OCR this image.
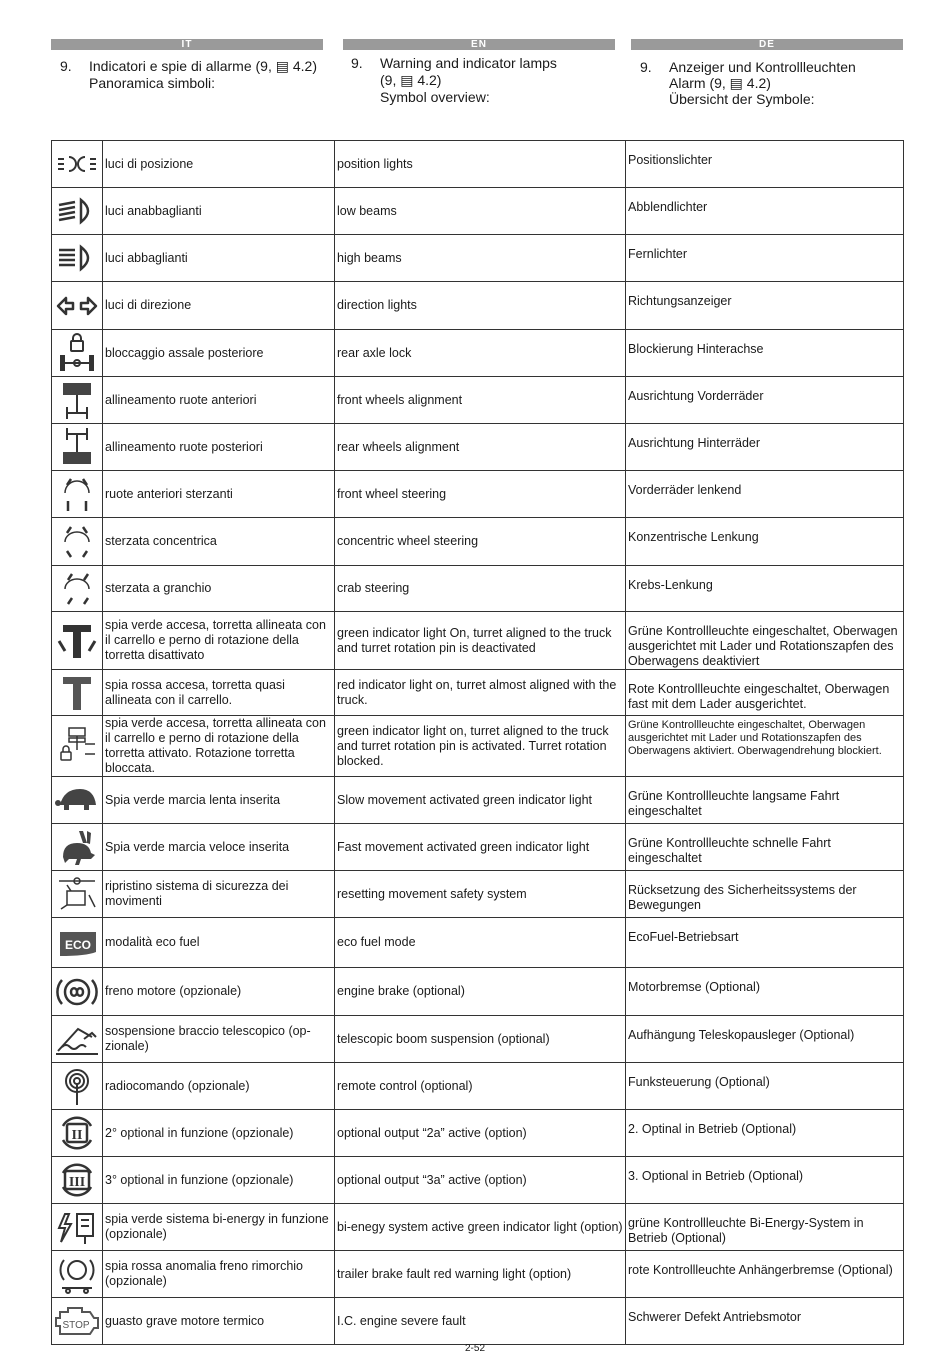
IT	EN	DE
9. Indicatori e spie di allarme (9, ▤ 4.2)
Panoramica simboli:
9. Warning and indicator lamps
(9, ▤ 4.2)
Symbol overview:
9. Anzeiger und Kontrollleuchten
Alarm (9, ▤ 4.2)
Übersicht der Symbole:
	luci di posizione	position lights	Positionslichter

	luci anabbaglianti	low beams	Abblendlichter

	luci abbaglianti	high beams	Fernlichter

	luci di direzione	direction lights	Richtungsanzeiger

	bloccaggio assale posteriore	rear axle lock	Blockierung Hinterachse

	allineamento ruote anteriori	front wheels alignment	Ausrichtung Vorderräder

	allineamento ruote posteriori	rear wheels alignment	Ausrichtung Hinterräder

	ruote anteriori sterzanti	front wheel steering	Vorderräder lenkend

	sterzata concentrica	concentric wheel steering	Konzentrische Lenkung

	sterzata a granchio	crab steering	Krebs-Lenkung

	spia verde accesa, torretta allineata con il carrello e perno di rotazione della torretta disattivato	green indicator light On, turret aligned to the truck and turret rotation pin is deactivated	Grüne Kontrollleuchte eingeschaltet, Oberwagen ausgerichtet mit Lader und Rotationszapfen des Oberwagens deaktiviert

	spia rossa accesa, torretta quasi allineata con il carrello.	red indicator light on, turret almost aligned with the truck.	Rote Kontrollleuchte eingeschaltet, Oberwagen fast mit dem Lader ausgerichtet.

	spia verde accesa, torretta allineata con il carrello e perno di rotazione della torretta attivato. Rotazione torretta bloccata.	green indicator light on, turret aligned to the truck and turret rotation pin is activated. Turret rotation blocked.	Grüne Kontrollleuchte eingeschaltet, Oberwagen ausgerichtet mit Lader und Rotationszapfen des Oberwagens aktiviert. Oberwagendrehung blockiert.

	Spia verde marcia lenta inserita	Slow movement activated green indicator light	Grüne Kontrollleuchte langsame Fahrt eingeschaltet

	Spia verde marcia veloce inserita	Fast movement activated green indicator light	Grüne Kontrollleuchte schnelle Fahrt eingeschaltet

	ripristino sistema di sicurezza dei movimenti	resetting movement safety system	Rücksetzung des Sicherheitssystems der Bewegungen

ECO	modalità eco fuel	eco fuel mode	EcoFuel-Betriebsart

	freno motore (opzionale)	engine brake (optional)	Motorbremse (Optional)

	sospensione braccio telescopico (op-zionale)	telescopic boom suspension (optional)	Aufhängung Teleskopausleger (Optional)

	radiocomando (opzionale)	remote control (optional)	Funksteuerung (Optional)

II	2° optional in funzione (opzionale)	optional output “2a” active (option)	2. Optinal in Betrieb (Optional)

III	3° optional in funzione (opzionale)	optional output “3a” active (option)	3. Optional in Betrieb (Optional)

	spia verde sistema bi-energy in funzione (opzionale)	bi-enegy system active green indicator light (option)	grüne Kontrollleuchte Bi-Energy-System in Betrieb (Optional)

	spia rossa anomalia freno rimorchio (opzionale)	trailer brake fault red warning light (option)	rote Kontrollleuchte Anhängerbremse (Optional)

STOP	guasto grave motore termico	I.C. engine severe fault	Schwerer Defekt Antriebsmotor
2-52
